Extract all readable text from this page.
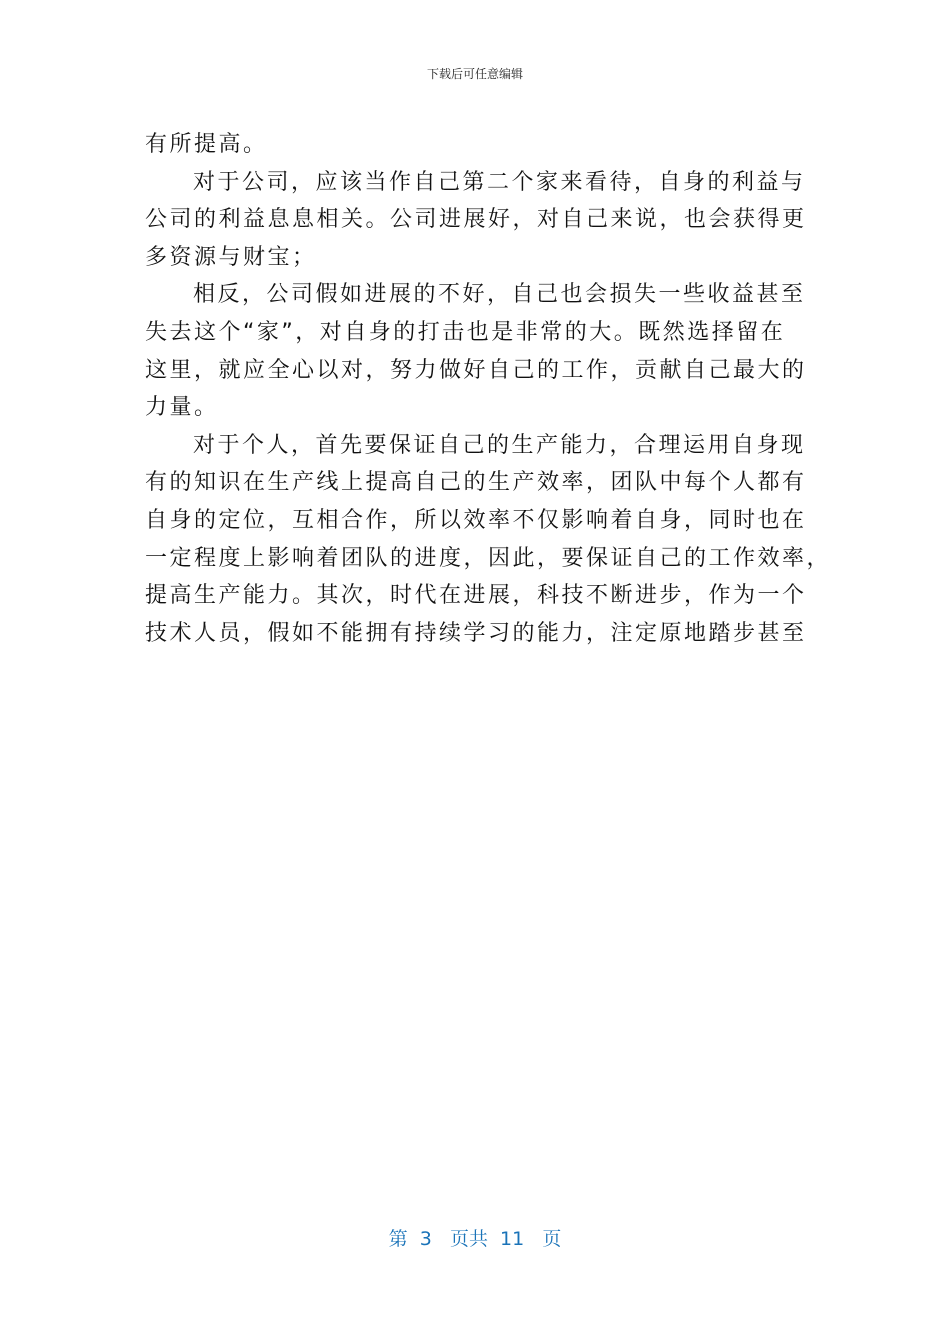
下载后可任意编辑
有所提高。
对于公司，应该当作自己第二个家来看待，自身的利益与
公司的利益息息相关。公司进展好，对自己来说，也会获得更
多资源与财宝；
相反，公司假如进展的不好，自己也会损失一些收益甚至
失去这个“家”，对自身的打击也是非常的大。既然选择留在
这里，就应全心以对，努力做好自己的工作，贡献自己最大的
力量。
对于个人，首先要保证自己的生产能力，合理运用自身现
有的知识在生产线上提高自己的生产效率，团队中每个人都有
自身的定位，互相合作，所以效率不仅影响着自身，同时也在
一定程度上影响着团队的进度，因此，要保证自己的工作效率，
提高生产能力。其次，时代在进展，科技不断进步，作为一个
技术人员，假如不能拥有持续学习的能力，注定原地踏步甚至
第  3   页共  11   页
